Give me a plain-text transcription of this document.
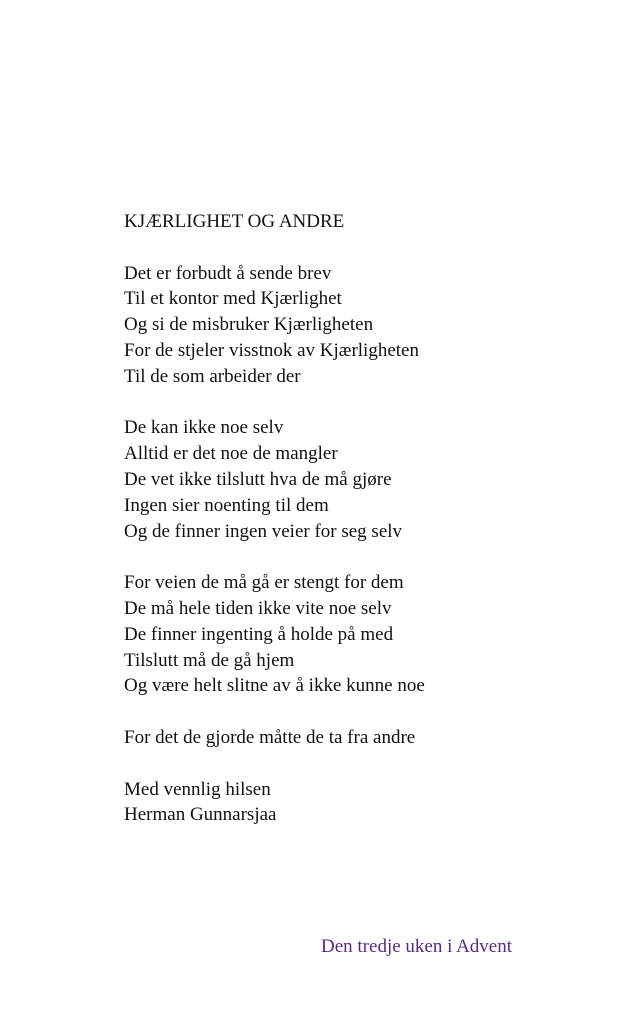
KJÆRLIGHET OG ANDRE
Det er forbudt å sende brev
Til et kontor med Kjærlighet
Og si de misbruker Kjærligheten
For de stjeler visstnok av Kjærligheten
Til de som arbeider der
De kan ikke noe selv
Alltid er det noe de mangler
De vet ikke tilslutt hva de må gjøre
Ingen sier noenting til dem
Og de finner ingen veier for seg selv
For veien de må gå er stengt for dem
De må hele tiden ikke vite noe selv
De finner ingenting å holde på med
Tilslutt må de gå hjem
Og være helt slitne av å ikke kunne noe
For det de gjorde måtte de ta fra andre
Med vennlig hilsen
Herman Gunnarsjaa
Den tredje uken i Advent
